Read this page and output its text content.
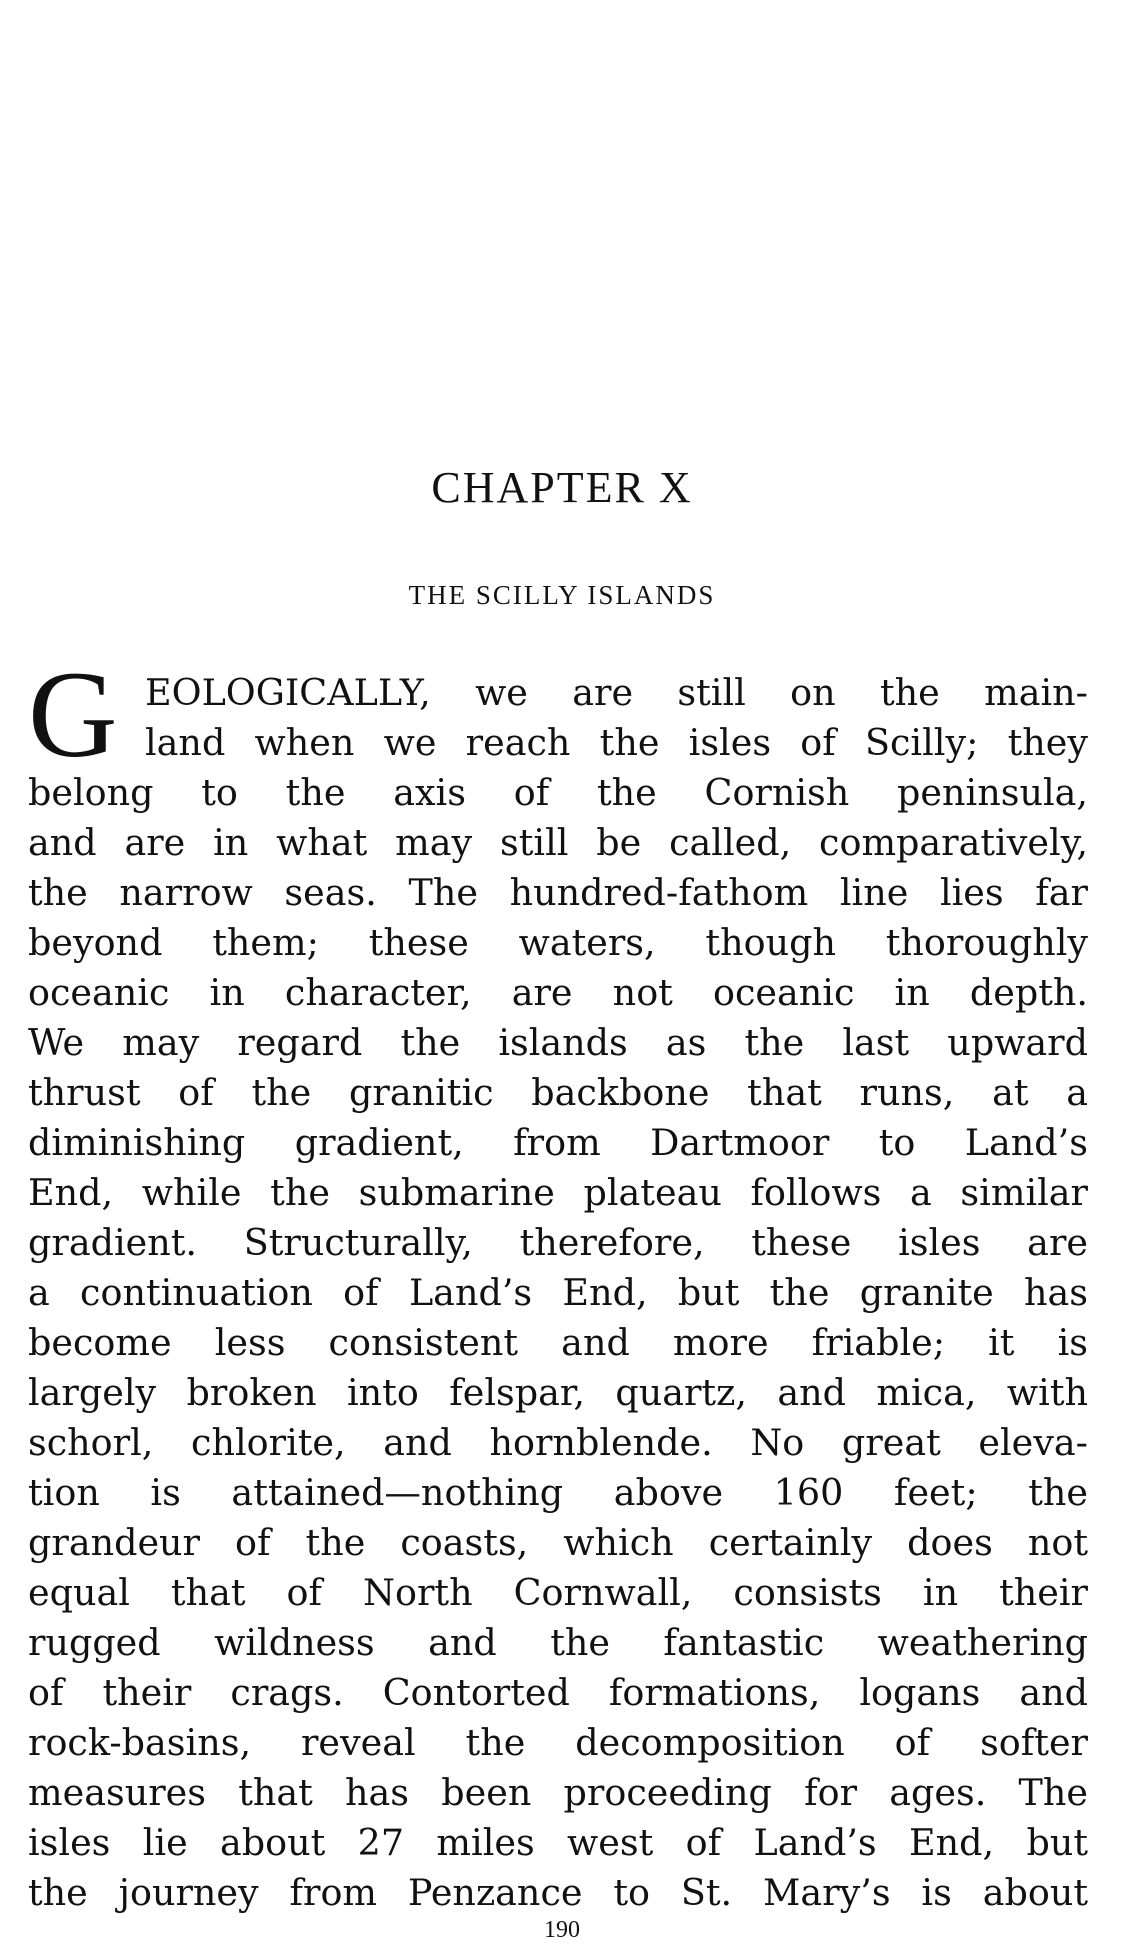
CHAPTER X
THE SCILLY ISLANDS
G EOLOGICALLY, we are still on the main-
land when we reach the isles of Scilly; they
belong to the axis of the Cornish peninsula,
and are in what may still be called, comparatively,
the narrow seas. The hundred-fathom line lies far
beyond them; these waters, though thoroughly
oceanic in character, are not oceanic in depth.
We may regard the islands as the last upward
thrust of the granitic backbone that runs, at a
diminishing gradient, from Dartmoor to Land’s
End, while the submarine plateau follows a similar
gradient. Structurally, therefore, these isles are
a continuation of Land’s End, but the granite has
become less consistent and more friable; it is
largely broken into felspar, quartz, and mica, with
schorl, chlorite, and hornblende. No great eleva-
tion is attained—nothing above 160 feet; the
grandeur of the coasts, which certainly does not
equal that of North Cornwall, consists in their
rugged wildness and the fantastic weathering
of their crags. Contorted formations, logans and
rock-basins, reveal the decomposition of softer
measures that has been proceeding for ages. The
isles lie about 27 miles west of Land’s End, but
the journey from Penzance to St. Mary’s is about
190
